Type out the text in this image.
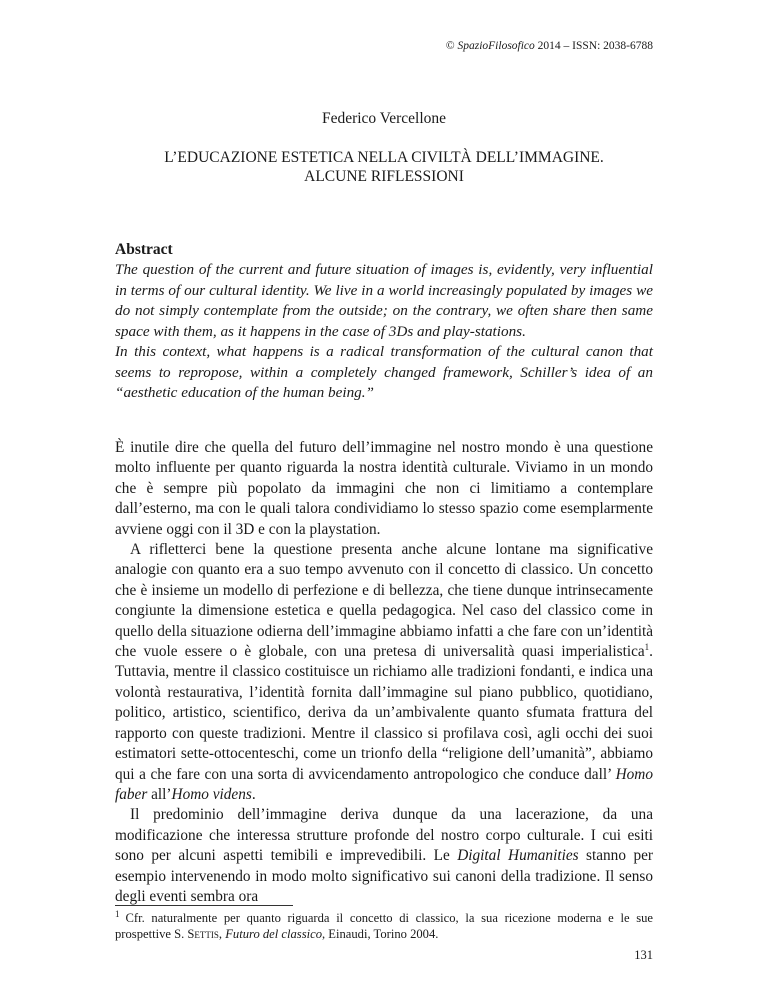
© SpazioFilosofico 2014 – ISSN: 2038-6788
Federico Vercellone
L’EDUCAZIONE ESTETICA NELLA CIVILTÀ DELL’IMMAGINE.
ALCUNE RIFLESSIONI
Abstract

The question of the current and future situation of images is, evidently, very influential in terms of our cultural identity. We live in a world increasingly populated by images we do not simply contemplate from the outside; on the contrary, we often share then same space with them, as it happens in the case of 3Ds and play-stations.

In this context, what happens is a radical transformation of the cultural canon that seems to repropose, within a completely changed framework, Schiller’s idea of an “aesthetic education of the human being.”

È inutile dire che quella del futuro dell’immagine nel nostro mondo è una questione molto influente per quanto riguarda la nostra identità culturale. Viviamo in un mondo che è sempre più popolato da immagini che non ci limitiamo a contemplare dall’esterno, ma con le quali talora condividiamo lo stesso spazio come esemplarmente avviene oggi con il 3D e con la playstation.

A rifletterci bene la questione presenta anche alcune lontane ma significative analogie con quanto era a suo tempo avvenuto con il concetto di classico. Un concetto che è insieme un modello di perfezione e di bellezza, che tiene dunque intrinsecamente congiunte la dimensione estetica e quella pedagogica. Nel caso del classico come in quello della situazione odierna dell’immagine abbiamo infatti a che fare con un’identità che vuole essere o è globale, con una pretesa di universalità quasi imperialistica$^1$. Tuttavia, mentre il classico costituisce un richiamo alle tradizioni fondanti, e indica una volontà restaurativa, l’identità fornita dall’immagine sul piano pubblico, quotidiano, politico, artistico, scientifico, deriva da un’ambivalente quanto sfumata frattura del rapporto con queste tradizioni. Mentre il classico si profilava così, agli occhi dei suoi estimatori sette-ottocenteschi, come un trionfo della “religione dell’umanità”, abbiamo qui a che fare con una sorta di avvicendamento antropologico che conduce dall’ Homo faber all’Homo videns.

Il predominio dell’immagine deriva dunque da una lacerazione, da una modificazione che interessa strutture profonde del nostro corpo culturale. I cui esiti sono per alcuni aspetti temibili e imprevedibili. Le Digital Humanities stanno per esempio intervenendo in modo molto significativo sui canoni della tradizione. Il senso degli eventi sembra ora

$^1$ Cfr. naturalmente per quanto riguarda il concetto di classico, la sua ricezione moderna e le sue prospettive S. Settis, Futuro del classico, Einaudi, Torino 2004.
131
